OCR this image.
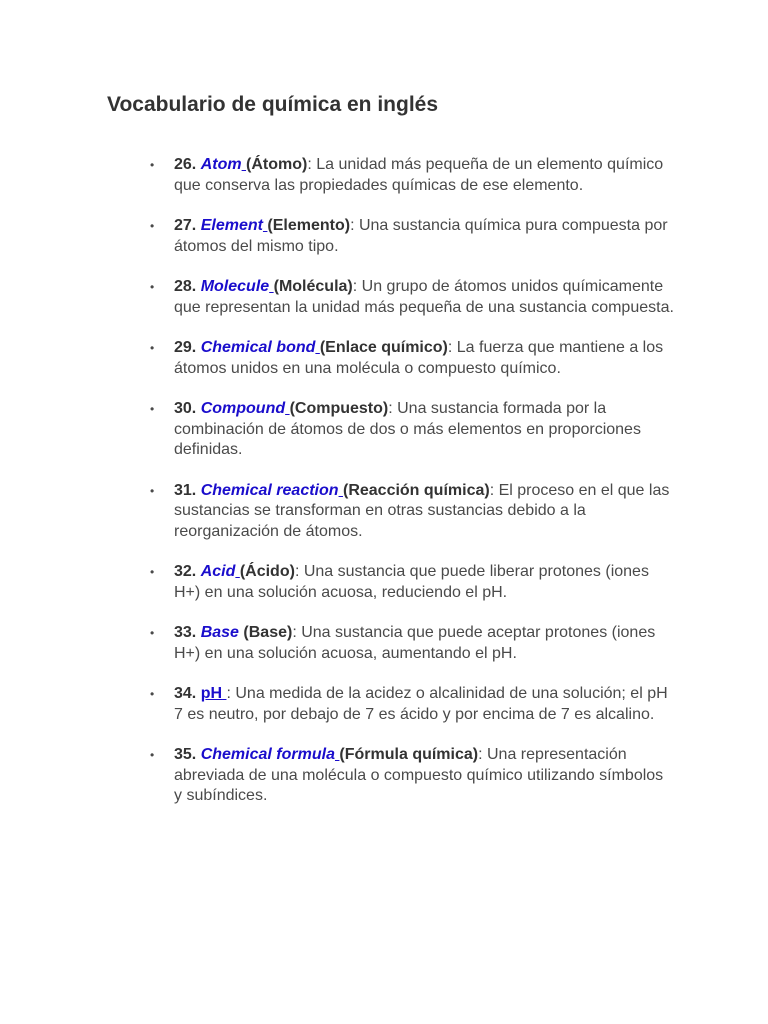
Vocabulario de química en inglés
• 26. Atom (Átomo): La unidad más pequeña de un elemento químico que conserva las propiedades químicas de ese elemento.
• 27. Element (Elemento): Una sustancia química pura compuesta por átomos del mismo tipo.
• 28. Molecule (Molécula): Un grupo de átomos unidos químicamente que representan la unidad más pequeña de una sustancia compuesta.
• 29. Chemical bond (Enlace químico): La fuerza que mantiene a los átomos unidos en una molécula o compuesto químico.
• 30. Compound (Compuesto): Una sustancia formada por la combinación de átomos de dos o más elementos en proporciones definidas.
• 31. Chemical reaction (Reacción química): El proceso en el que las sustancias se transforman en otras sustancias debido a la reorganización de átomos.
• 32. Acid (Ácido): Una sustancia que puede liberar protones (iones H+) en una solución acuosa, reduciendo el pH.
• 33. Base (Base): Una sustancia que puede aceptar protones (iones H+) en una solución acuosa, aumentando el pH.
• 34. pH : Una medida de la acidez o alcalinidad de una solución; el pH 7 es neutro, por debajo de 7 es ácido y por encima de 7 es alcalino.
• 35. Chemical formula (Fórmula química): Una representación abreviada de una molécula o compuesto químico utilizando símbolos y subíndices.
